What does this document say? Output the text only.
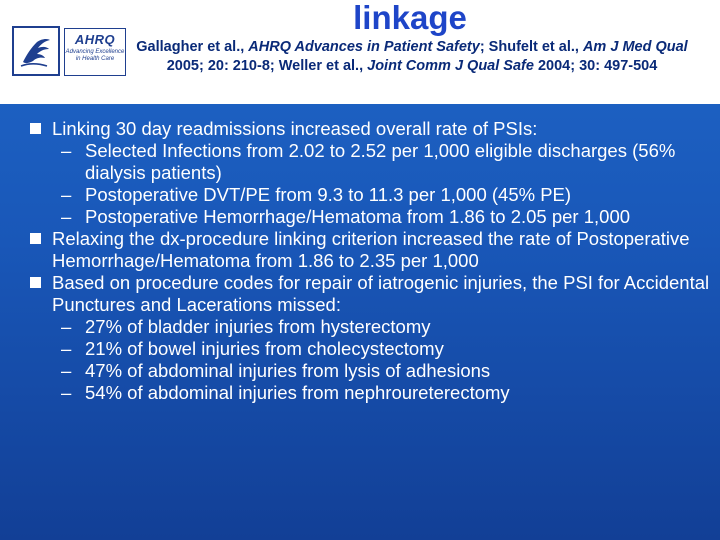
AHRQ
Advancing Excellence in Health Care
linkage
Gallagher et al., AHRQ Advances in Patient Safety; Shufelt et al., Am J Med Qual 2005; 20: 210-8; Weller et al., Joint Comm J Qual Safe 2004; 30: 497-504
Linking 30 day readmissions increased overall rate of PSIs:
– Selected Infections from 2.02 to 2.52 per 1,000 eligible discharges (56% dialysis patients)
– Postoperative DVT/PE from 9.3 to 11.3 per 1,000 (45% PE)
– Postoperative Hemorrhage/Hematoma from 1.86 to 2.05 per 1,000
Relaxing the dx-procedure linking criterion increased the rate of Postoperative Hemorrhage/Hematoma from 1.86 to 2.35 per 1,000
Based on procedure codes for repair of iatrogenic injuries, the PSI for Accidental Punctures and Lacerations missed:
– 27% of bladder injuries from hysterectomy
– 21% of bowel injuries from cholecystectomy
– 47% of abdominal injuries from lysis of adhesions
– 54% of abdominal injuries from nephroureterectomy
